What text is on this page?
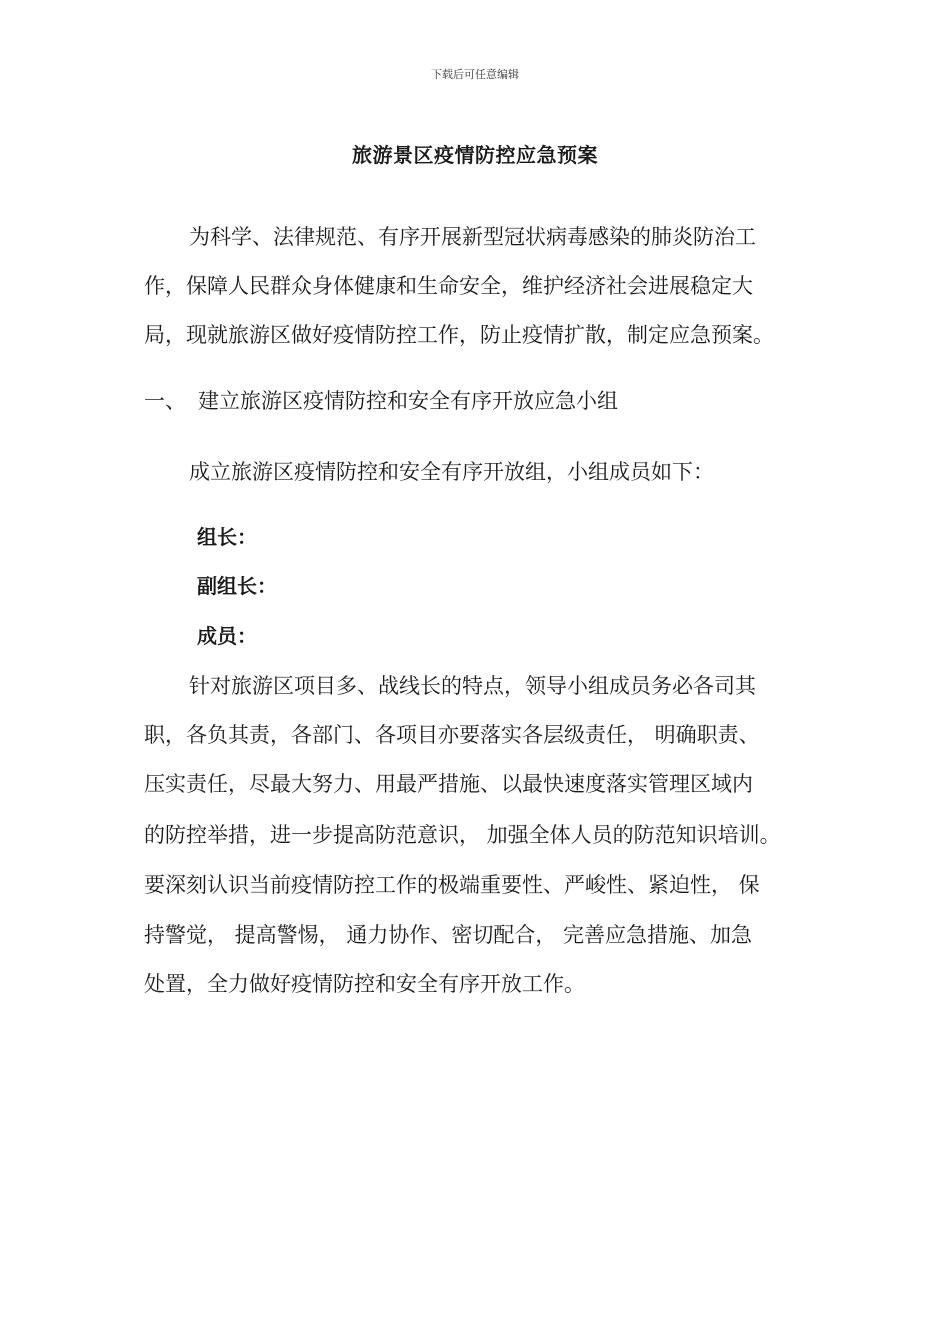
下载后可任意编辑
旅游景区疫情防控应急预案
为科学、法律规范、有序开展新型冠状病毒感染的肺炎防治工
作，保障人民群众身体健康和生命安全，维护经济社会进展稳定大
局，现就旅游区做好疫情防控工作，防止疫情扩散，制定应急预案。
一、 建立旅游区疫情防控和安全有序开放应急小组
成立旅游区疫情防控和安全有序开放组，小组成员如下：
组长：
副组长：
成员：
针对旅游区项目多、战线长的特点，领导小组成员务必各司其
职，各负其责，各部门、各项目亦要落实各层级责任， 明确职责、
压实责任，尽最大努力、用最严措施、以最快速度落实管理区域内
的防控举措，进一步提高防范意识， 加强全体人员的防范知识培训。
要深刻认识当前疫情防控工作的极端重要性、严峻性、紧迫性， 保
持警觉， 提高警惕， 通力协作、密切配合， 完善应急措施、加急
处置，全力做好疫情防控和安全有序开放工作。
